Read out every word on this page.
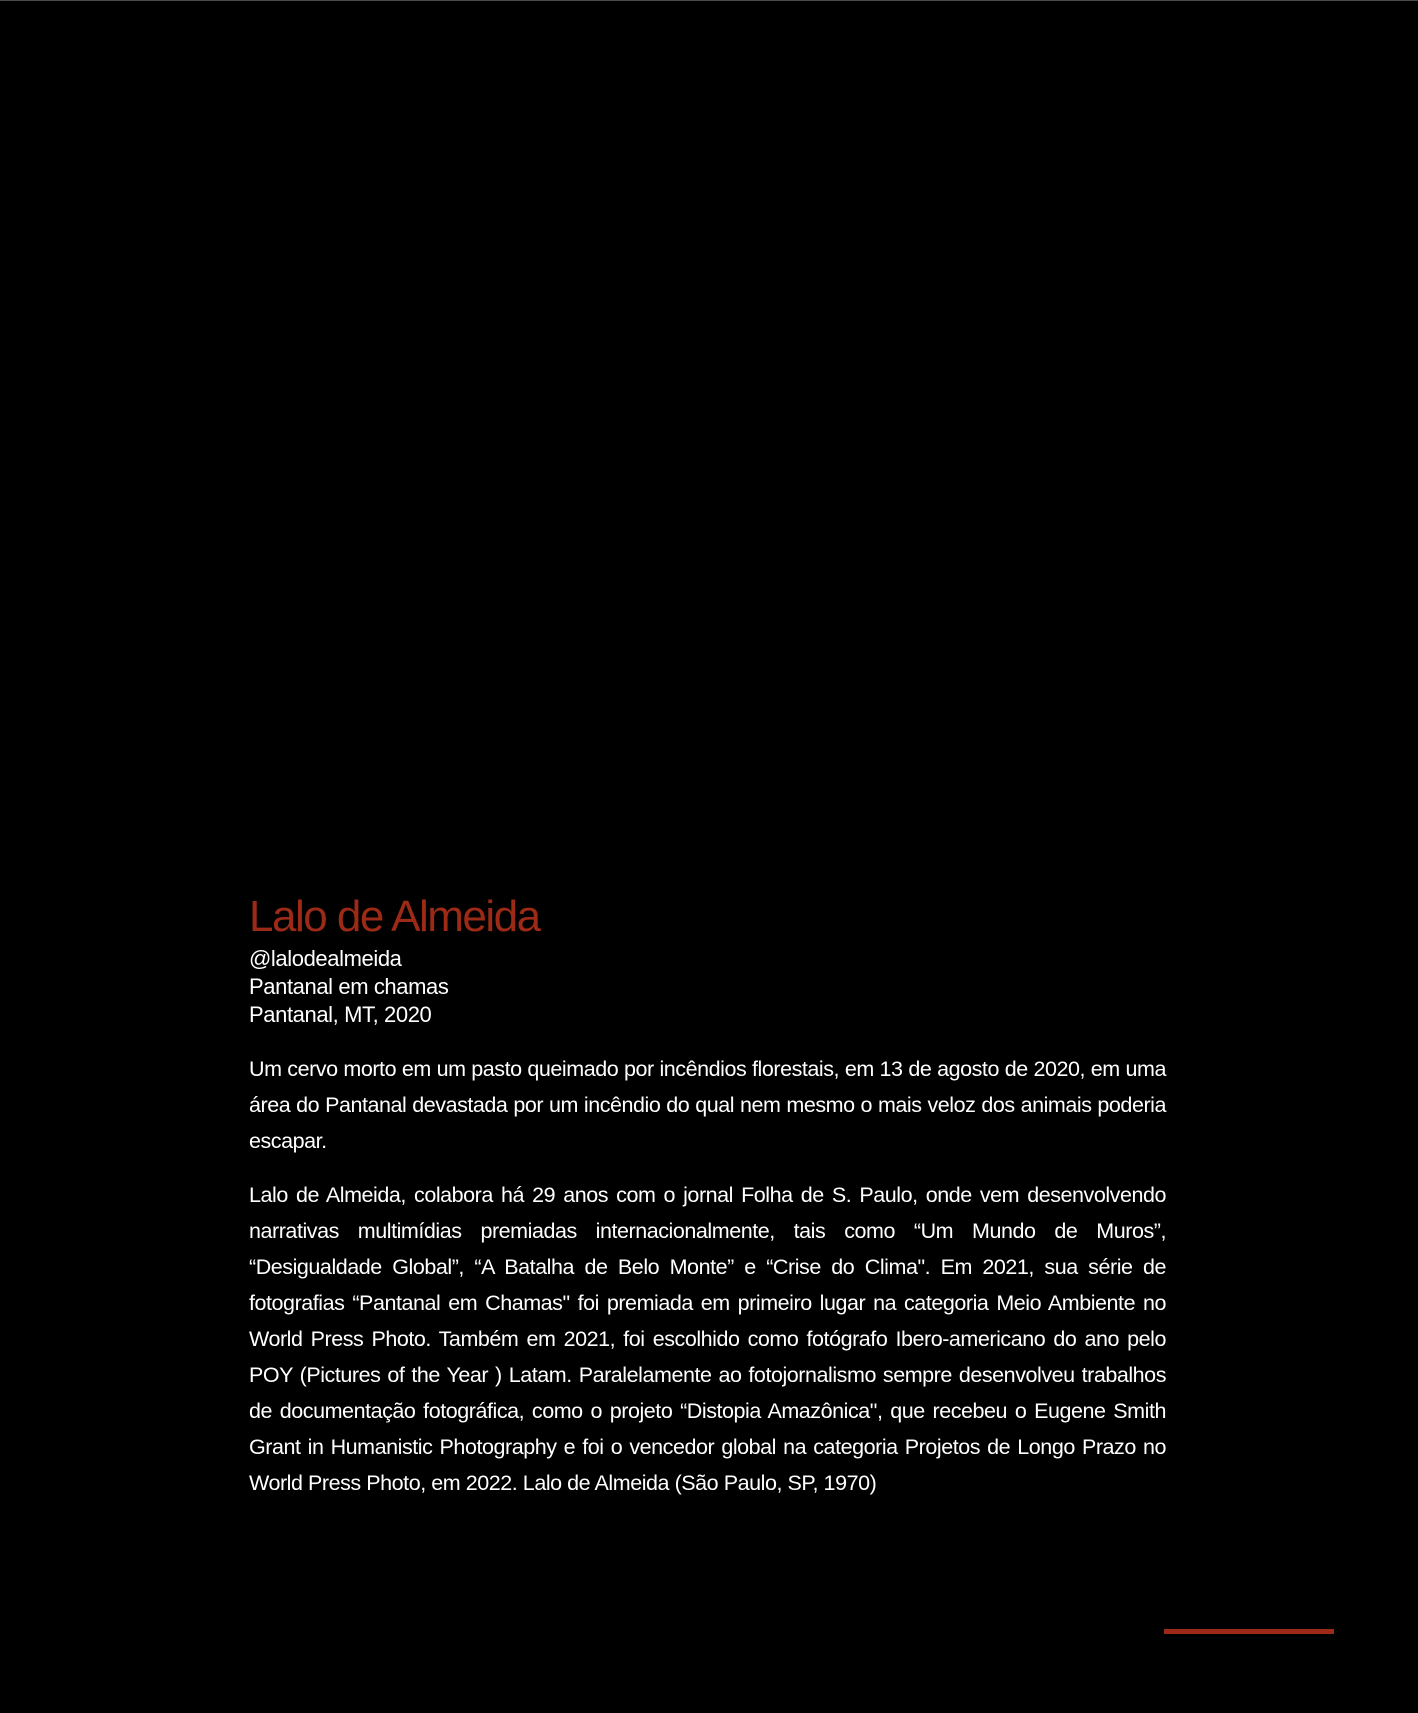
Lalo de Almeida
@lalodealmeida
Pantanal em chamas
Pantanal, MT, 2020

Um cervo morto em um pasto queimado por incêndios florestais, em 13 de agosto de 2020, em uma área do Pantanal devastada por um incêndio do qual nem mesmo o mais veloz dos animais poderia escapar.

Lalo de Almeida, colabora há 29 anos com o jornal Folha de S. Paulo, onde vem desenvolvendo narrativas multimídias premiadas internacionalmente, tais como “Um Mundo de Muros”, “Desigualdade Global”, “A Batalha de Belo Monte” e “Crise do Clima". Em 2021, sua série de fotografias “Pantanal em Chamas" foi premiada em primeiro lugar na categoria Meio Ambiente no World Press Photo. Também em 2021, foi escolhido como fotógrafo Ibero-americano do ano pelo POY (Pictures of the Year ) Latam. Paralelamente ao fotojornalismo sempre desenvolveu trabalhos de documentação fotográfica, como o projeto “Distopia Amazônica", que recebeu o Eugene Smith Grant in Humanistic Photography e foi o vencedor global na categoria Projetos de Longo Prazo no World Press Photo, em 2022. Lalo de Almeida (São Paulo, SP, 1970)
